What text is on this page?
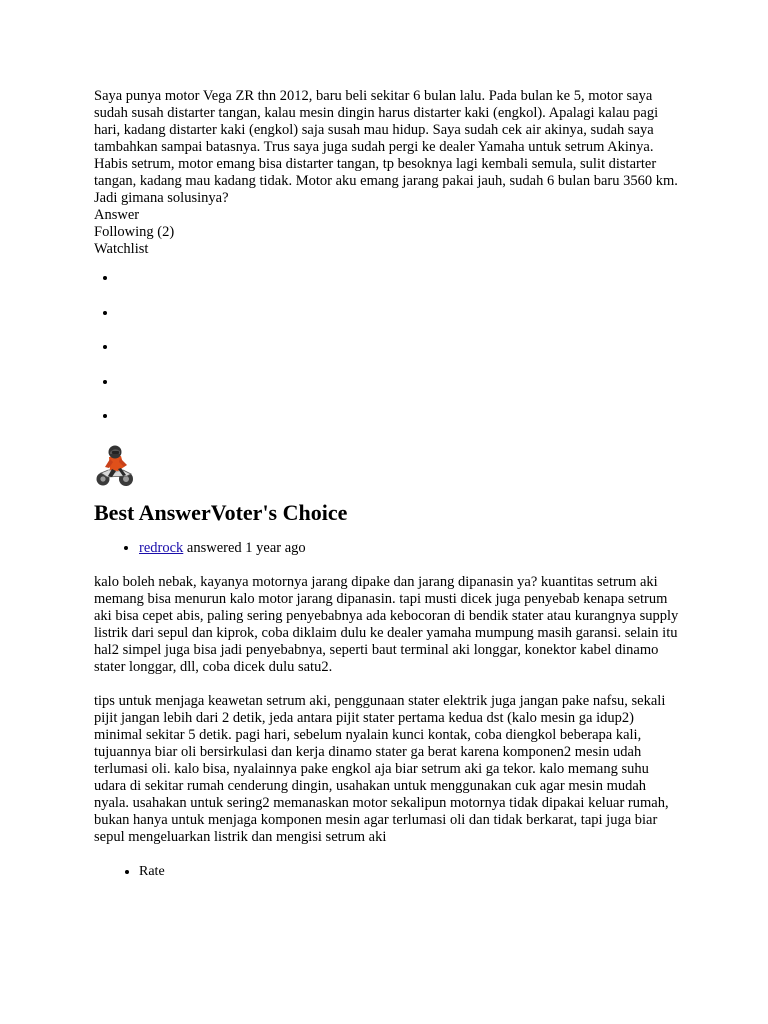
Saya punya motor Vega ZR thn 2012, baru beli sekitar 6 bulan lalu. Pada bulan ke 5, motor saya sudah susah distarter tangan, kalau mesin dingin harus distarter kaki (engkol). Apalagi kalau pagi hari, kadang distarter kaki (engkol) saja susah mau hidup. Saya sudah cek air akinya, sudah saya tambahkan sampai batasnya. Trus saya juga sudah pergi ke dealer Yamaha untuk setrum Akinya. Habis setrum, motor emang bisa distarter tangan, tp besoknya lagi kembali semula, sulit distarter tangan, kadang mau kadang tidak. Motor aku emang jarang pakai jauh, sudah 6 bulan baru 3560 km. Jadi gimana solusinya?

Answer
Following (2)
Watchlist
•
•
•
•
•
Best AnswerVoter's Choice
• redrock answered 1 year ago

kalo boleh nebak, kayanya motornya jarang dipake dan jarang dipanasin ya? kuantitas setrum aki memang bisa menurun kalo motor jarang dipanasin. tapi musti dicek juga penyebab kenapa setrum aki bisa cepet abis, paling sering penyebabnya ada kebocoran di bendik stater atau kurangnya supply listrik dari sepul dan kiprok, coba diklaim dulu ke dealer yamaha mumpung masih garansi. selain itu hal2 simpel juga bisa jadi penyebabnya, seperti baut terminal aki longgar, konektor kabel dinamo stater longgar, dll, coba dicek dulu satu2.

tips untuk menjaga keawetan setrum aki, penggunaan stater elektrik juga jangan pake nafsu, sekali pijit jangan lebih dari 2 detik, jeda antara pijit stater pertama kedua dst (kalo mesin ga idup2) minimal sekitar 5 detik. pagi hari, sebelum nyalain kunci kontak, coba diengkol beberapa kali, tujuannya biar oli bersirkulasi dan kerja dinamo stater ga berat karena komponen2 mesin udah terlumasi oli. kalo bisa, nyalainnya pake engkol aja biar setrum aki ga tekor. kalo memang suhu udara di sekitar rumah cenderung dingin, usahakan untuk menggunakan cuk agar mesin mudah nyala. usahakan untuk sering2 memanaskan motor sekalipun motornya tidak dipakai keluar rumah, bukan hanya untuk menjaga komponen mesin agar terlumasi oli dan tidak berkarat, tapi juga biar sepul mengeluarkan listrik dan mengisi setrum aki

• Rate
